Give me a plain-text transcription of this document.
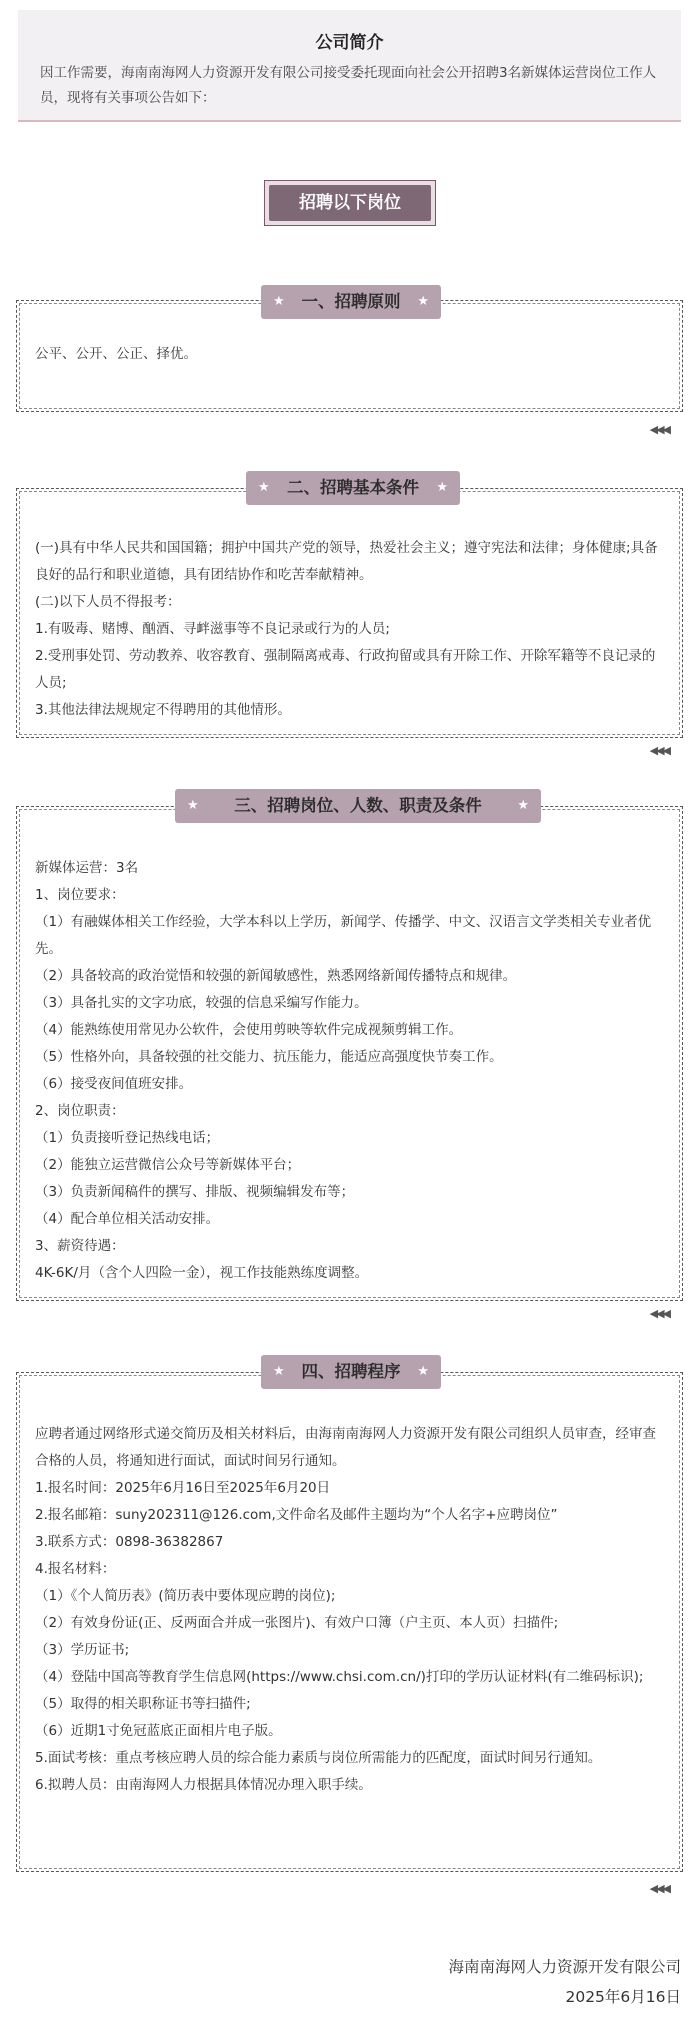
公司简介
因工作需要，海南南海网人力资源开发有限公司接受委托现面向社会公开招聘3名新媒体运营岗位工作人员，现将有关事项公告如下：
招聘以下岗位
★ 一、招聘原则 ★

公平、公开、公正、择优。

◀◀◀
★ 二、招聘基本条件 ★

(一)具有中华人民共和国国籍；拥护中国共产党的领导，热爱社会主义；遵守宪法和法律；身体健康;具备良好的品行和职业道德，具有团结协作和吃苦奉献精神。

(二)以下人员不得报考：

1.有吸毒、赌博、酗酒、寻衅滋事等不良记录或行为的人员;

2.受刑事处罚、劳动教养、收容教育、强制隔离戒毒、行政拘留或具有开除工作、开除军籍等不良记录的人员;

3.其他法律法规规定不得聘用的其他情形。

◀◀◀
★ 三、招聘岗位、人数、职责及条件	★

新媒体运营：3名

1、岗位要求：

（1）有融媒体相关工作经验，大学本科以上学历，新闻学、传播学、中文、汉语言文学类相关专业者优先。

（2）具备较高的政治觉悟和较强的新闻敏感性，熟悉网络新闻传播特点和规律。

（3）具备扎实的文字功底，较强的信息采编写作能力。

（4）能熟练使用常见办公软件，会使用剪映等软件完成视频剪辑工作。

（5）性格外向，具备较强的社交能力、抗压能力，能适应高强度快节奏工作。

（6）接受夜间值班安排。

2、岗位职责：

（1）负责接听登记热线电话；

（2）能独立运营微信公众号等新媒体平台；

（3）负责新闻稿件的撰写、排版、视频编辑发布等；

（4）配合单位相关活动安排。

3、薪资待遇：

4K-6K/月（含个人四险一金），视工作技能熟练度调整。

◀◀◀
★ 四、招聘程序 ★

应聘者通过网络形式递交简历及相关材料后，由海南南海网人力资源开发有限公司组织人员审查，经审查合格的人员，将通知进行面试，面试时间另行通知。

1.报名时间：2025年6月16日至2025年6月20日

2.报名邮箱：suny202311@126.com,文件命名及邮件主题均为“个人名字+应聘岗位”

3.联系方式：0898-36382867

4.报名材料：

（1）《个人简历表》(简历表中要体现应聘的岗位);

（2）有效身份证(正、反两面合并成一张图片)、有效户口簿（户主页、本人页）扫描件;

（3）学历证书;

（4）登陆中国高等教育学生信息网(https://www.chsi.com.cn/)打印的学历认证材料(有二维码标识);

（5）取得的相关职称证书等扫描件;

（6）近期1寸免冠蓝底正面相片电子版。

5.面试考核：重点考核应聘人员的综合能力素质与岗位所需能力的匹配度，面试时间另行通知。

6.拟聘人员：由南海网人力根据具体情况办理入职手续。

◀◀◀
海南南海网人力资源开发有限公司
2025年6月16日
